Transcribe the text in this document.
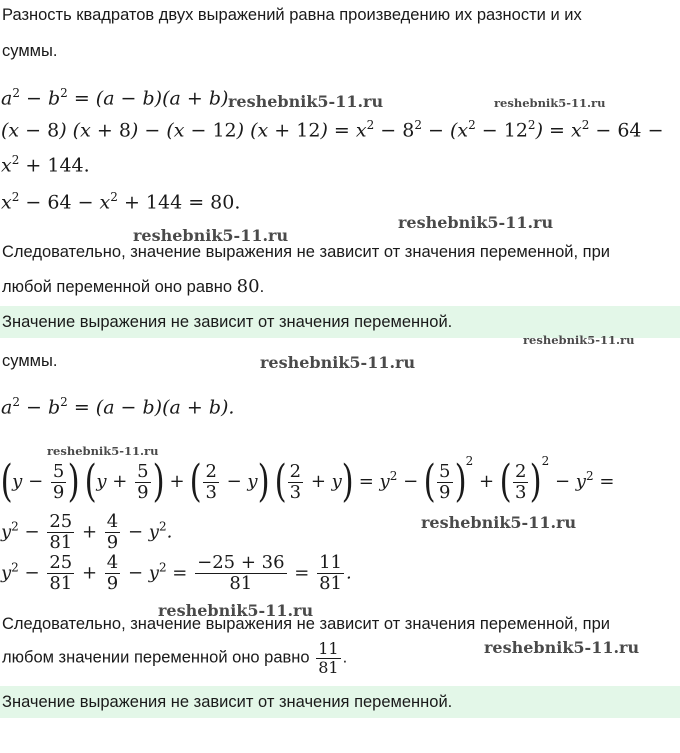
Разность квадратов двух выражений равна произведению их разности и их
суммы.
$a^2 - b^2 = (a - b)(a + b)$.
(x − 8) (x + 8) − (x − 12) $(x + 12) = x^2 - 8^2 - (x^2 - 12^2) = x^2 - 64$ −
$x^2 + 144$.
$x^2 - 64 - x^2 + 144 = 80$.
Следовательно, значение выражения не зависит от значения переменной, при
любой переменной оно равно 80.
Значение выражения не зависит от значения переменной.
суммы.
$a^2 - b^2 = (a - b)(a + b)$.
($y - \frac{5}{9}$ ) ($y + \frac{5}{9}$ ) + ( $\frac{2}{3} - y$) ( $\frac{2}{3} + y) = y^2$ − ( $\frac{5}{9} )^2$ + ( $\frac{2}{3} )^2 - y^2$ =
$y^2 - \frac{25}{81} + \frac{4}{9} - y^2$.
$y^2 - \frac{25}{81} + \frac{4}{9} - y^2 = \frac{-25 + 36}{81} = \frac{11}{81}$ .
Следовательно, значение выражения не зависит от значения переменной, при
любом значении переменной оно равно $\frac{11}{81}$ .
Значение выражения не зависит от значения переменной.
reshebnik5-11.ru	reshebnik5-11.ru
reshebnik5-11.ru
reshebnik5-11.ru
reshebnik5-11.ru
reshebnik5-11.ru
reshebnik5-11.ru
reshebnik5-11.ru
reshebnik5-11.ru
reshebnik5-11.ru
